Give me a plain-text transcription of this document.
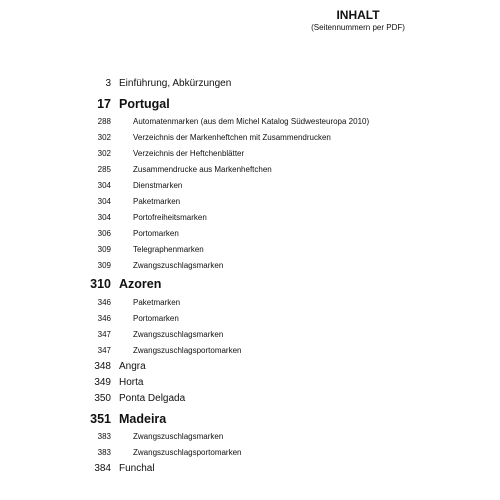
INHALT
(Seitennummern per PDF)
3 Einführung, Abkürzungen
17 Portugal
288	Automatenmarken (aus dem Michel Katalog Südwesteuropa 2010)
302	Verzeichnis der Markenheftchen mit Zusammendrucken
302	Verzeichnis der Heftchenblätter
285	Zusammendrucke aus Markenheftchen
304	Dienstmarken
304	Paketmarken
304	Portofreiheitsmarken
306	Portomarken
309	Telegraphenmarken
309	Zwangszuschlagsmarken
310 Azoren
346	Paketmarken
346	Portomarken
347	Zwangszuschlagsmarken
347	Zwangszuschlagsportomarken
348 Angra
349 Horta
350 Ponta Delgada
351 Madeira
383	Zwangszuschlagsmarken
383	Zwangszuschlagsportomarken
384 Funchal
